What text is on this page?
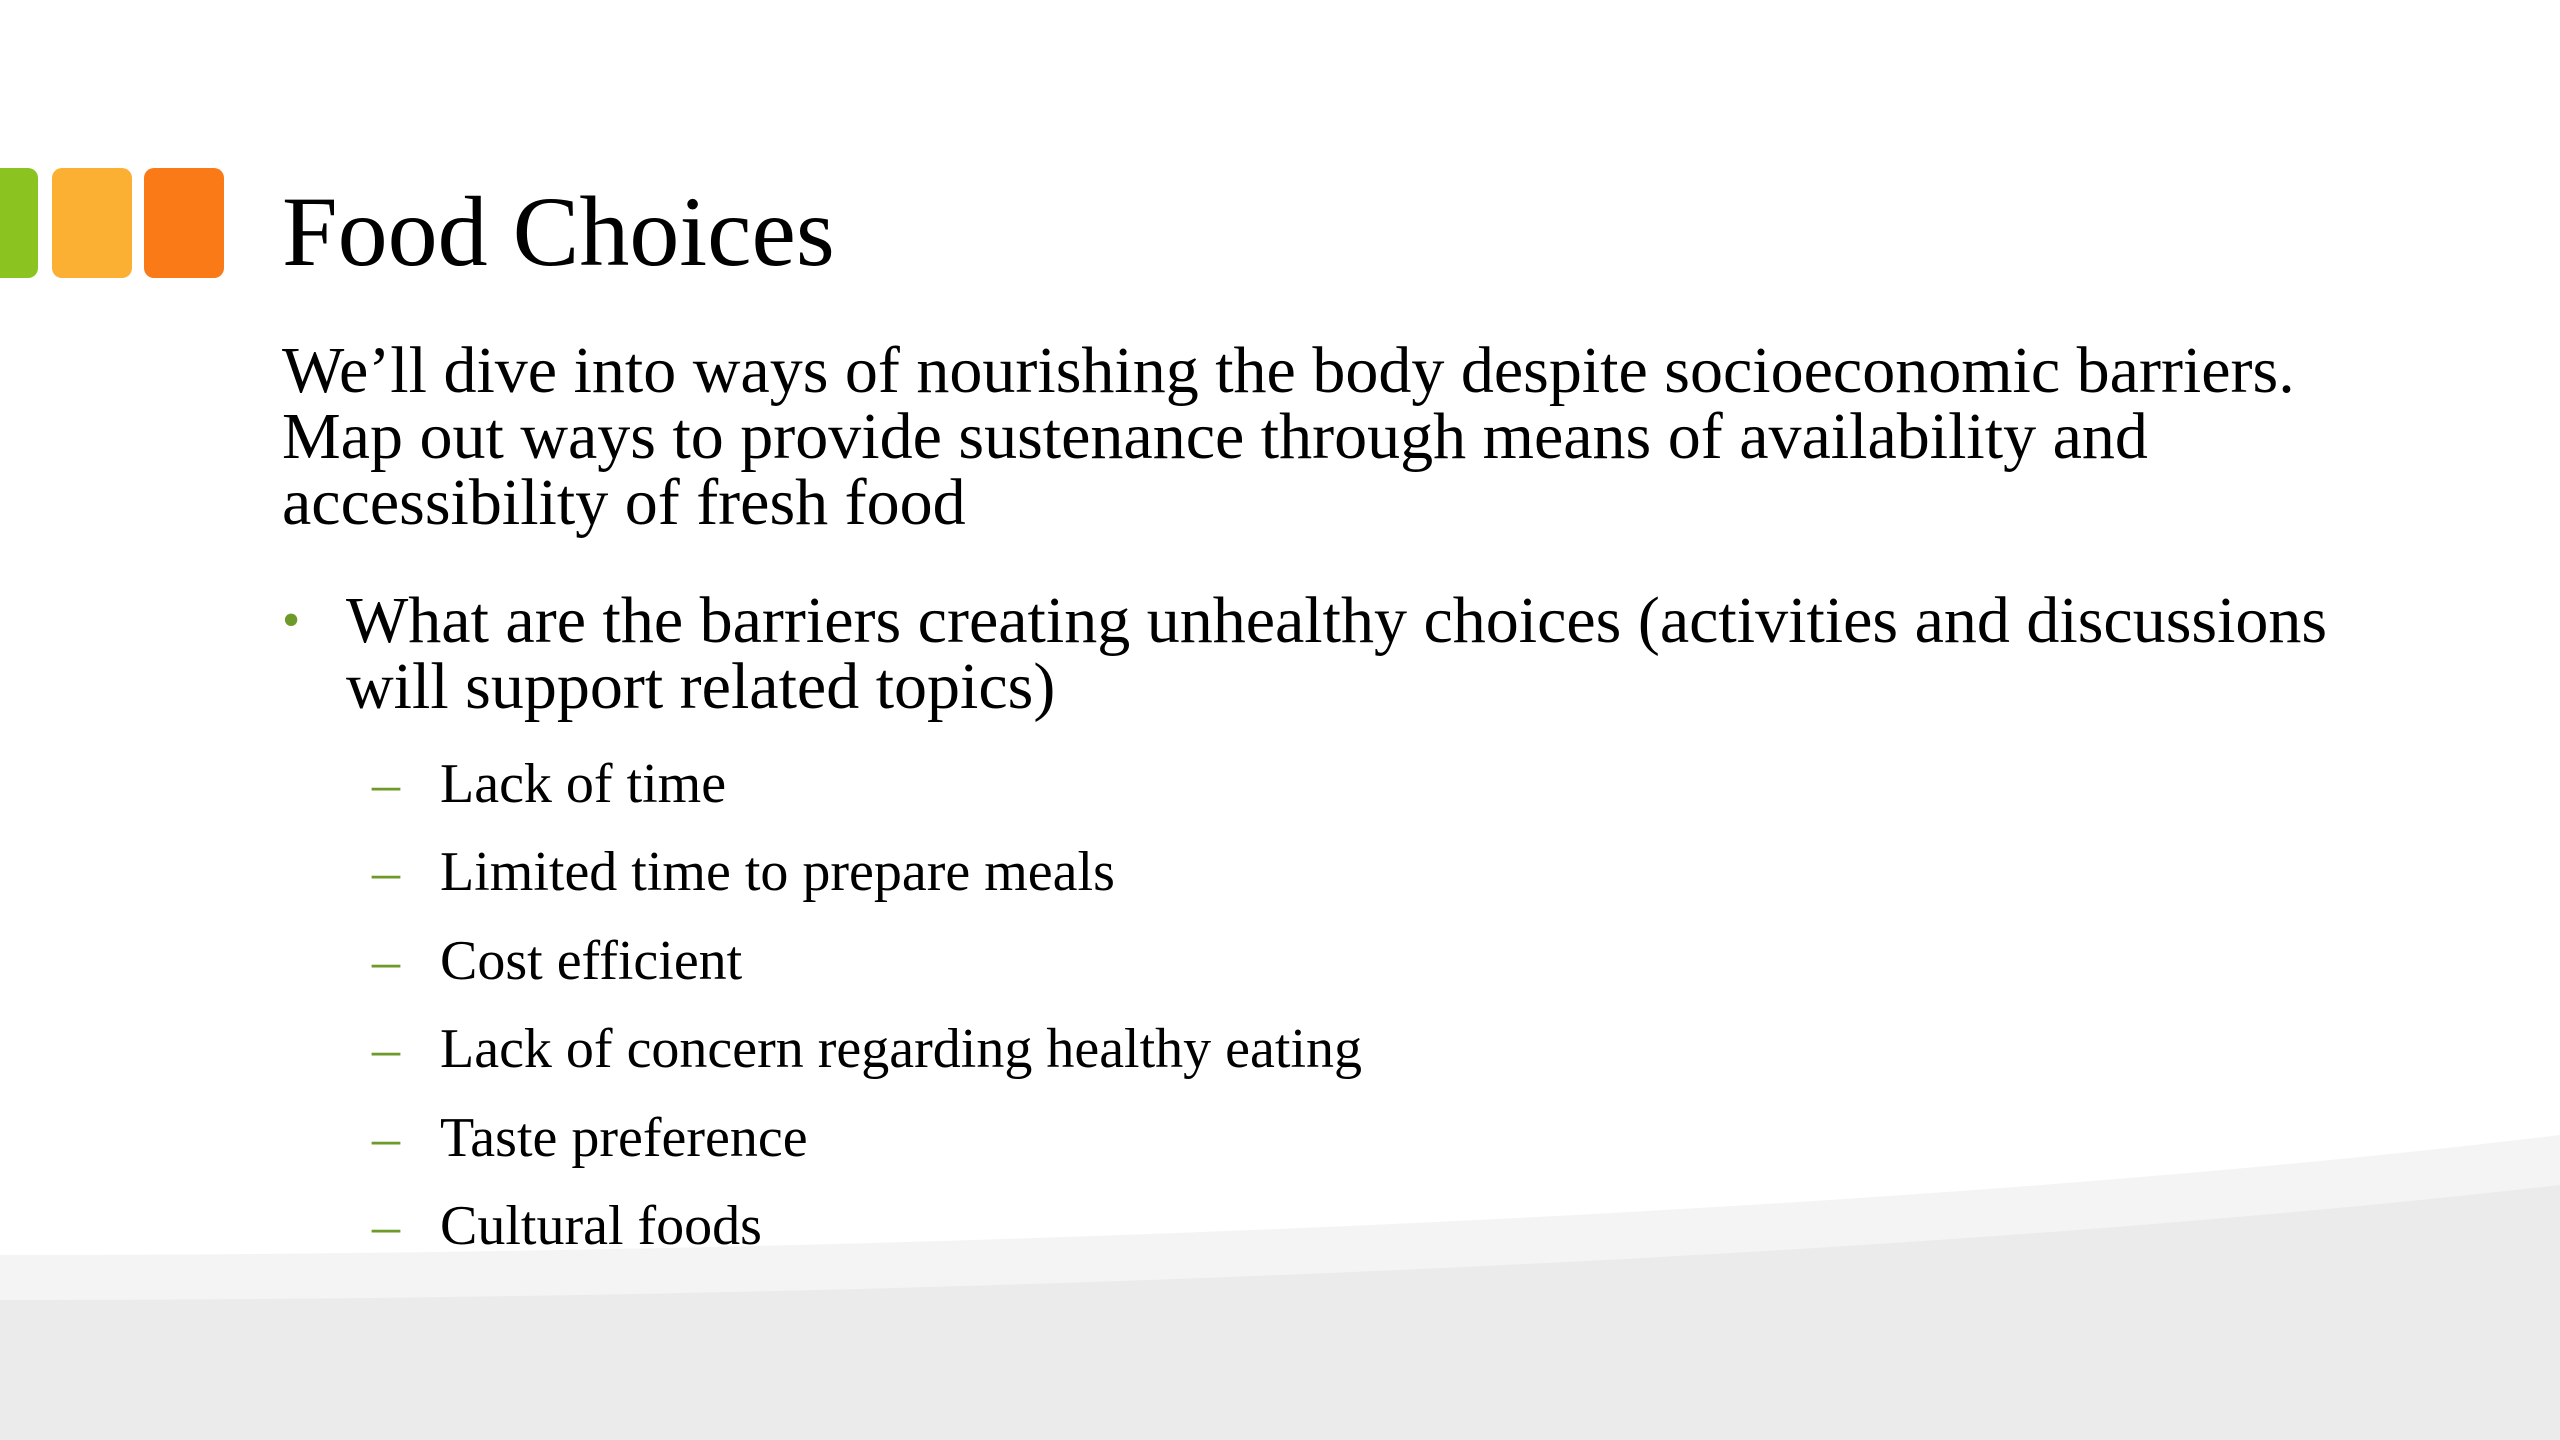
Food Choices
We’ll dive into ways of nourishing the body despite socioeconomic barriers. Map out ways to provide sustenance through means of availability and accessibility of fresh food
• What are the barriers creating unhealthy choices (activities and discussions will support related topics)
– Lack of time
– Limited time to prepare meals
– Cost efficient
– Lack of concern regarding healthy eating
– Taste preference
– Cultural foods
